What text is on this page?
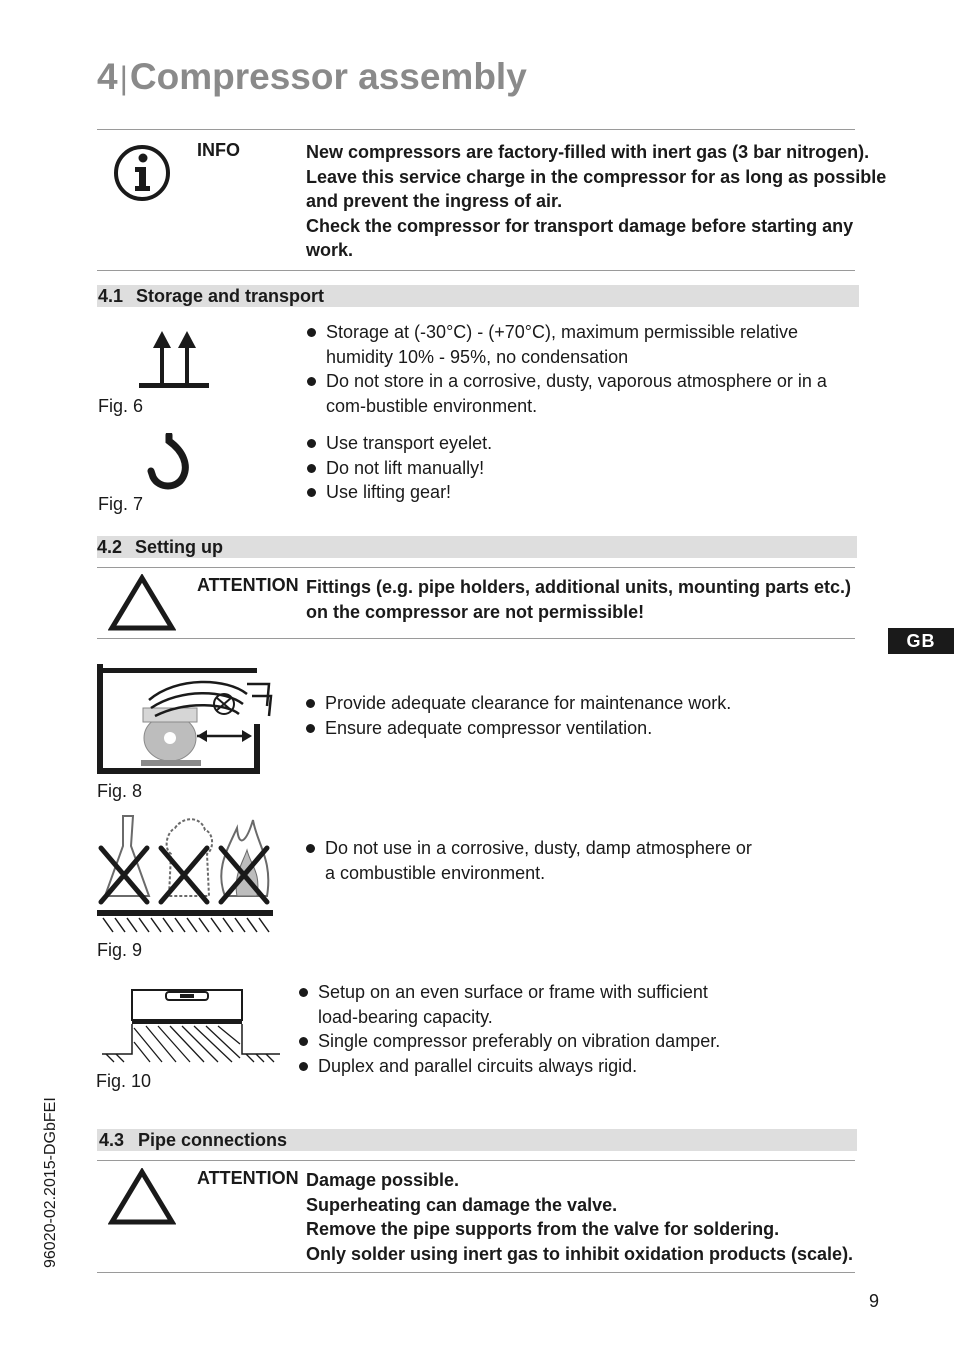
4|Compressor assembly
INFO	New compressors are factory-filled with inert gas (3 bar nitrogen).
Leave this service charge in the compressor for as long as possible
and prevent the ingress of air.
Check the compressor for transport damage before starting any
work.
4.1 Storage and transport
Fig. 6
Storage at (-30°C) - (+70°C), maximum permissible relative humidity 10% - 95%, no condensation
Do not store in a corrosive, dusty, vaporous atmosphere or in a com-bustible environment.
Fig. 7
Use transport eyelet.
Do not lift manually!
Use lifting gear!
4.2 Setting up
ATTENTION Fittings (e.g. pipe holders, additional units, mounting parts etc.)
on the compressor are not permissible!
GB
Fig. 8
Provide adequate clearance for maintenance work.
Ensure adequate compressor ventilation.
Fig. 9
Do not use in a corrosive, dusty, damp atmosphere or a combustible environment.
Fig. 10
Setup on an even surface or frame with sufficient load-bearing capacity.
Single compressor preferably on vibration damper.
Duplex and parallel circuits always rigid.
96020-02.2015-DGbFEI 4.3 Pipe connections
ATTENTION Damage possible.
Superheating can damage the valve.
Remove the pipe supports from the valve for soldering.
Only solder using inert gas to inhibit oxidation products (scale).
9
